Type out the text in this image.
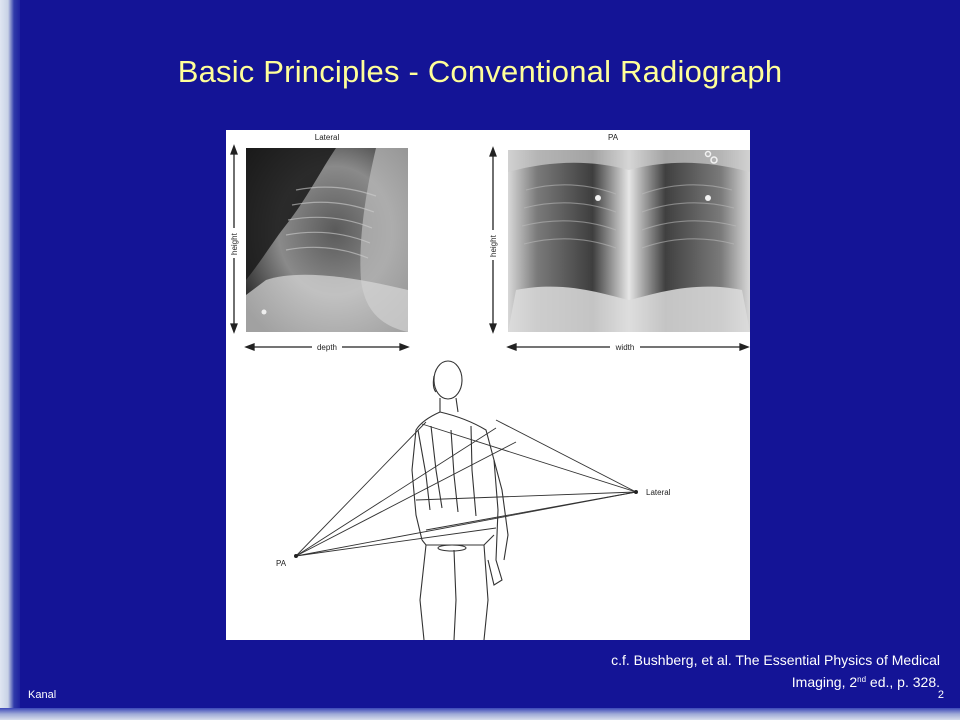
Basic Principles - Conventional Radiograph
Lateral	PA
height	height
depth	width
Lateral
PA
c.f. Bushberg, et al. The Essential Physics of Medical
Imaging, 2nd ed., p. 328.
Kanal	2
